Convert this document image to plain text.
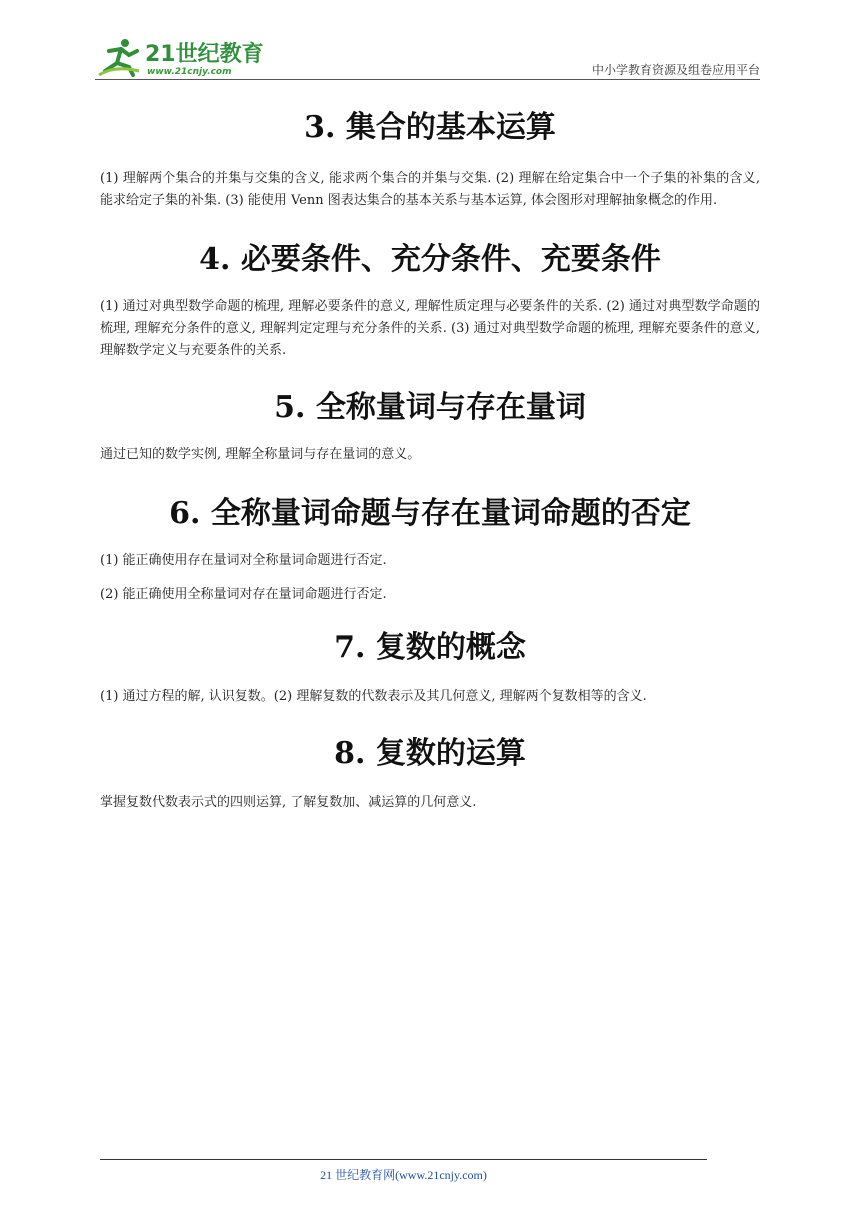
21世纪教育
www.21cnjy.com	中小学教育资源及组卷应用平台
3. 集合的基本运算

(1) 理解两个集合的并集与交集的含义, 能求两个集合的并集与交集. (2) 理解在给定集合中一个子集的补集的含义, 能求给定子集的补集. (3) 能使用 Venn 图表达集合的基本关系与基本运算, 体会图形对理解抽象概念的作用.

4. 必要条件、充分条件、充要条件

(1) 通过对典型数学命题的梳理, 理解必要条件的意义, 理解性质定理与必要条件的关系. (2) 通过对典型数学命题的梳理, 理解充分条件的意义, 理解判定定理与充分条件的关系. (3) 通过对典型数学命题的梳理, 理解充要条件的意义, 理解数学定义与充要条件的关系.

5. 全称量词与存在量词

通过已知的数学实例, 理解全称量词与存在量词的意义。

6. 全称量词命题与存在量词命题的否定

(1) 能正确使用存在量词对全称量词命题进行否定.

(2) 能正确使用全称量词对存在量词命题进行否定.

7. 复数的概念

(1) 通过方程的解, 认识复数。(2) 理解复数的代数表示及其几何意义, 理解两个复数相等的含义.

8. 复数的运算

掌握复数代数表示式的四则运算, 了解复数加、减运算的几何意义.

21 世纪教育网(www.21cnjy.com)
